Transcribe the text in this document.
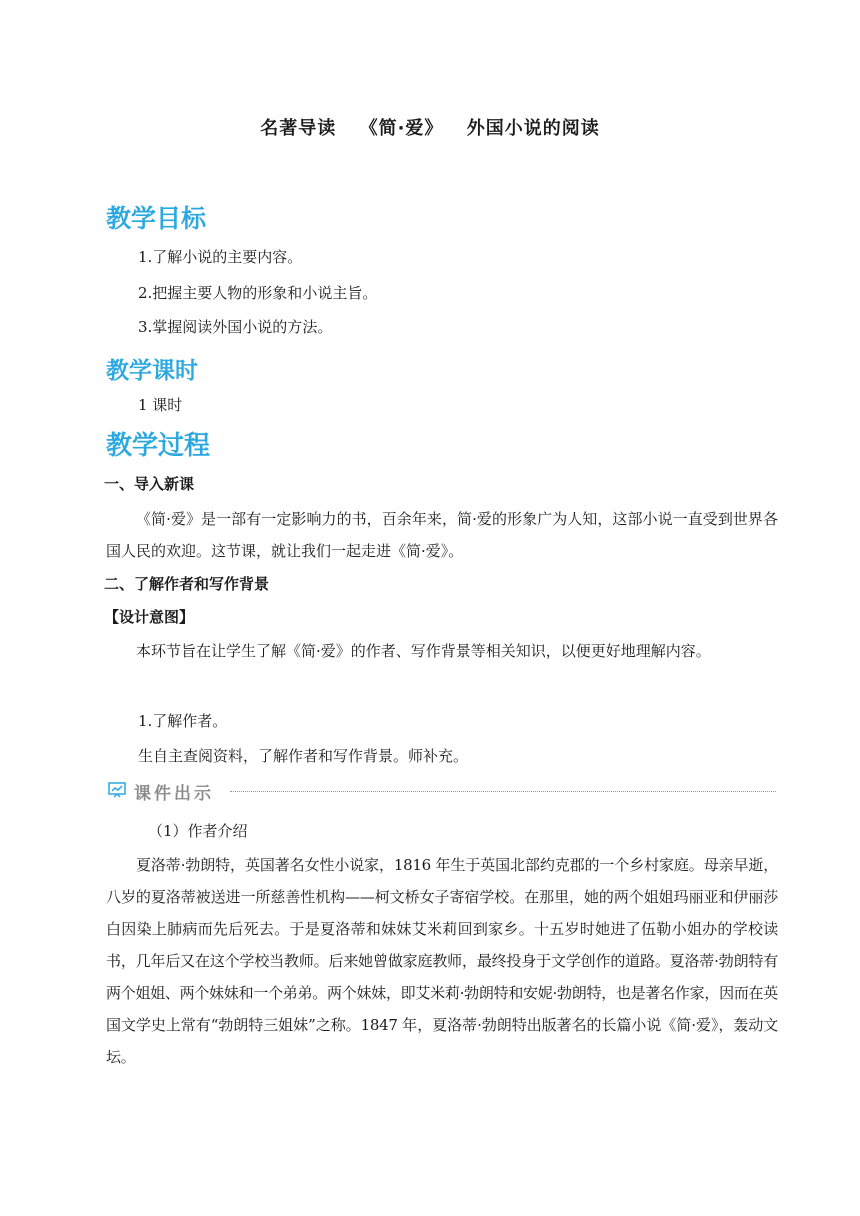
名著导读 《简·爱》 外国小说的阅读
教学目标
1.了解小说的主要内容。
2.把握主要人物的形象和小说主旨。
3.掌握阅读外国小说的方法。
教学课时
1 课时
教学过程
一、导入新课
《简·爱》是一部有一定影响力的书，百余年来，简·爱的形象广为人知，这部小说一直受到世界各国人民的欢迎。这节课，就让我们一起走进《简·爱》。
二、了解作者和写作背景
【设计意图】
本环节旨在让学生了解《简·爱》的作者、写作背景等相关知识，以便更好地理解内容。
1.了解作者。
生自主查阅资料，了解作者和写作背景。师补充。
课件出示
（1）作者介绍
夏洛蒂·勃朗特，英国著名女性小说家，1816 年生于英国北部约克郡的一个乡村家庭。母亲早逝，八岁的夏洛蒂被送进一所慈善性机构——柯文桥女子寄宿学校。在那里，她的两个姐姐玛丽亚和伊丽莎白因染上肺病而先后死去。于是夏洛蒂和妹妹艾米莉回到家乡。十五岁时她进了伍勒小姐办的学校读书，几年后又在这个学校当教师。后来她曾做家庭教师，最终投身于文学创作的道路。夏洛蒂·勃朗特有两个姐姐、两个妹妹和一个弟弟。两个妹妹，即艾米莉·勃朗特和安妮·勃朗特，也是著名作家，因而在英国文学史上常有“勃朗特三姐妹”之称。1847 年，夏洛蒂·勃朗特出版著名的长篇小说《简·爱》，轰动文坛。
